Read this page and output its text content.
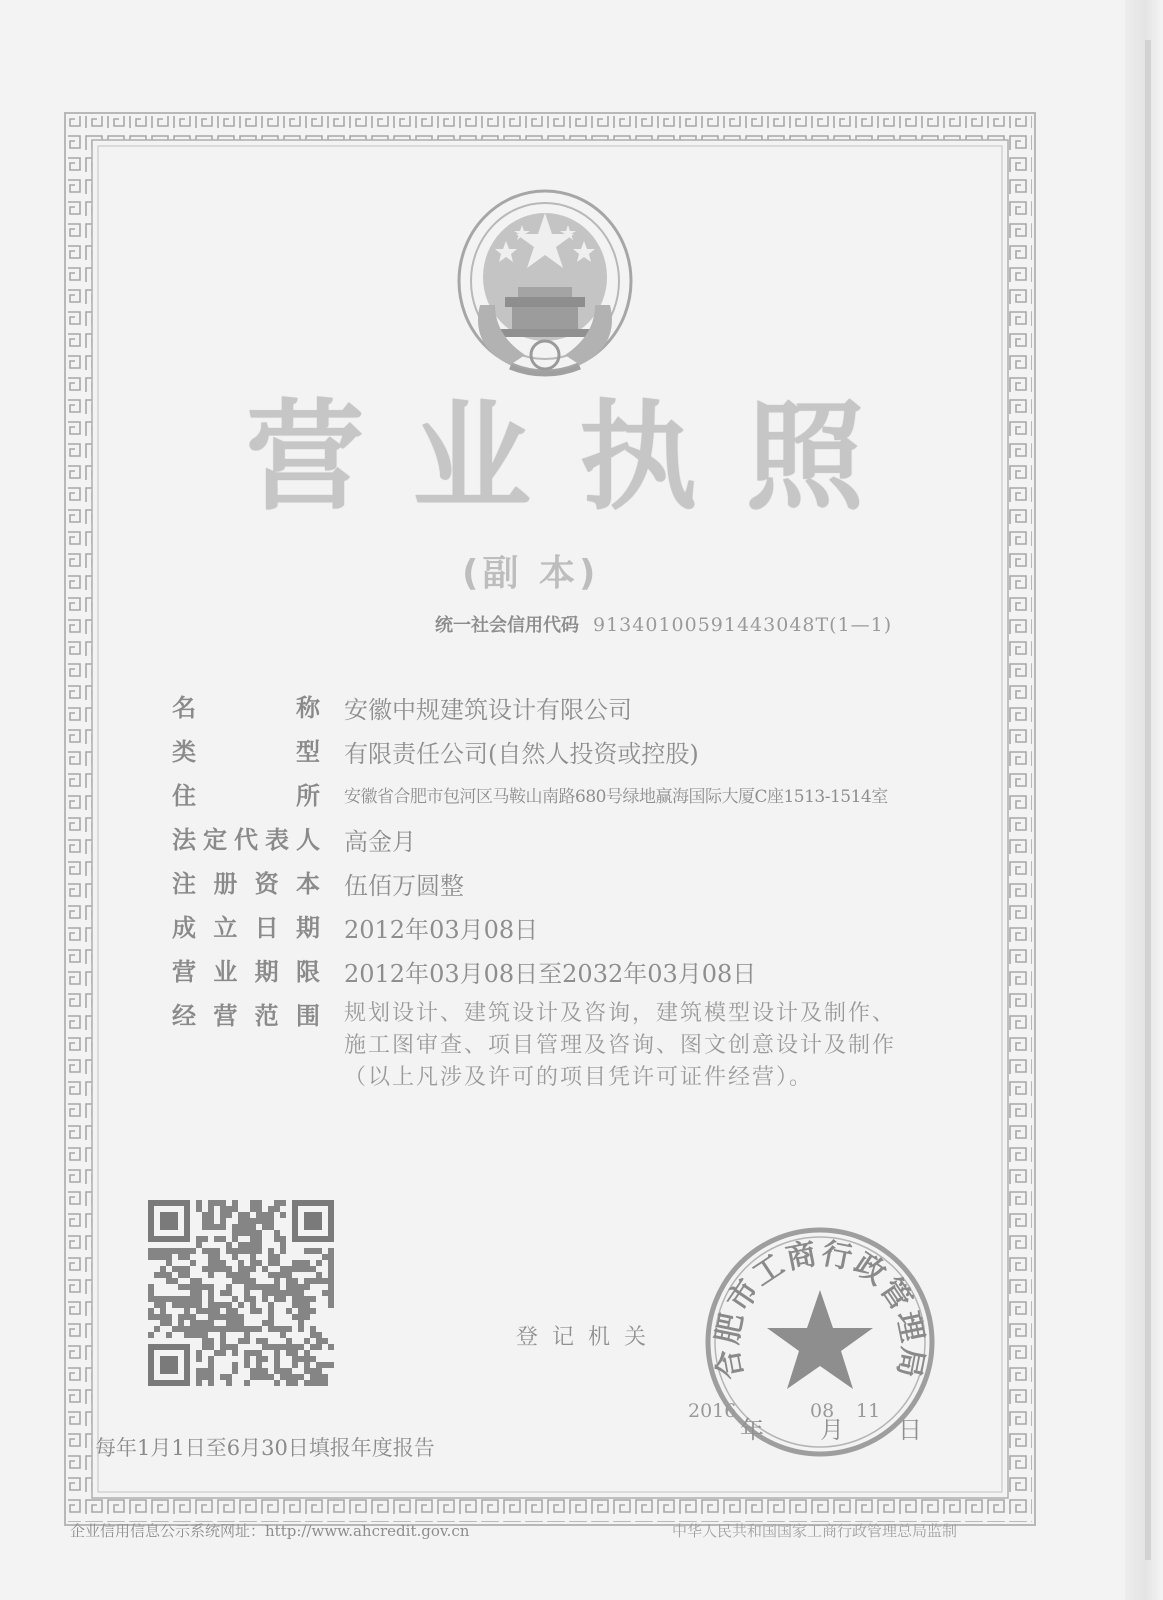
营 业 执 照
(副 本)
统一社会信用代码 91340100591443048T(1—1)
名	称 安徽中规建筑设计有限公司
类	型 有限责任公司(自然人投资或控股)
住	所 安徽省合肥市包河区马鞍山南路680号绿地赢海国际大厦C座1513-1514室
法 定 代 表 人 高金月
注 册 资 本 伍佰万圆整
成 立 日 期 2012年03月08日
营 业 期 限 2012年03月08日至2032年03月08日
经 营 范 围 规划设计、建筑设计及咨询，建筑模型设计及制作、
施工图审查、项目管理及咨询、图文创意设计及制作
（以上凡涉及许可的项目凭许可证件经营）。
登记机关
合肥市工商行政管理局
2016
年
08
月
11
日
每年1月1日至6月30日填报年度报告
企业信用信息公示系统网址：http://www.ahcredit.gov.cn	中华人民共和国国家工商行政管理总局监制
